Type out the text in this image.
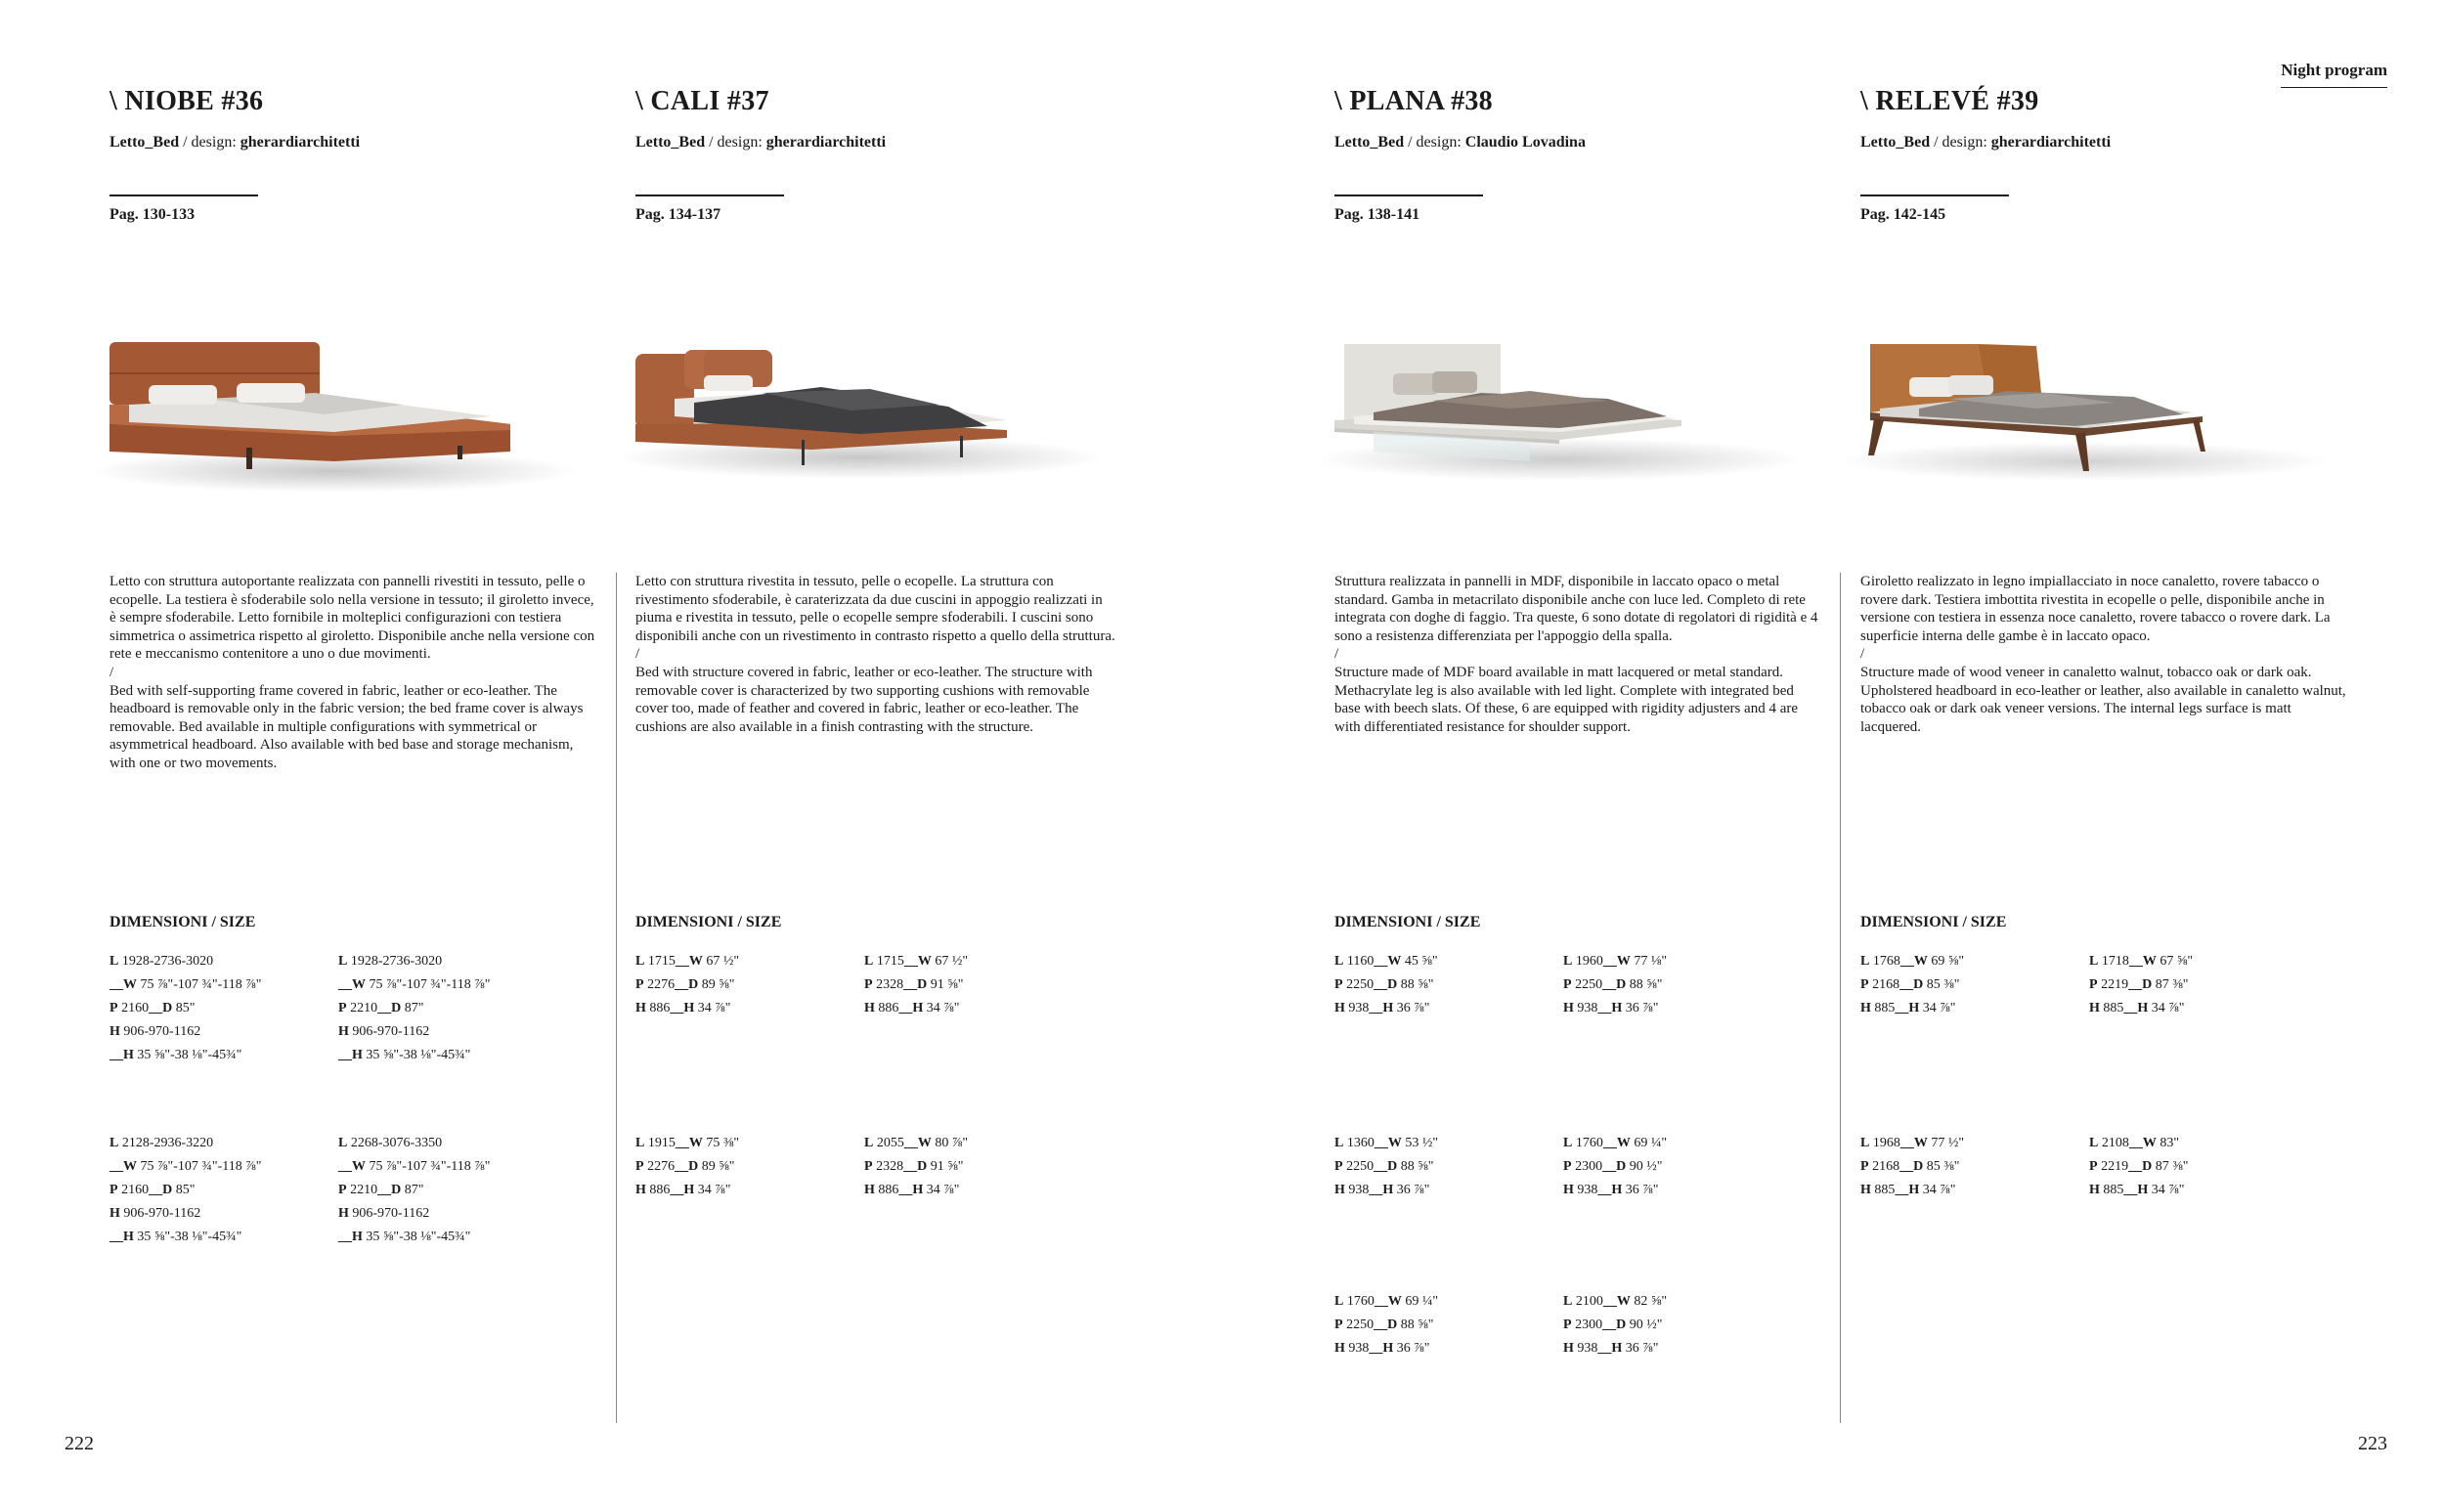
Night program
\ NIOBE #36
Letto_Bed / design: gherardiarchitetti
Pag. 130-133

Letto con struttura autoportante realizzata con pannelli rivestiti in tessuto, pelle o ecopelle. La testiera è sfoderabile solo nella versione in tessuto; il giroletto invece, è sempre sfoderabile. Letto fornibile in molteplici configurazioni con testiera simmetrica o assimetrica rispetto al giroletto. Disponibile anche nella versione con rete e meccanismo contenitore a uno o due movimenti.

/

Bed with self-supporting frame covered in fabric, leather or eco-leather. The headboard is removable only in the fabric version; the bed frame cover is always removable. Bed available in multiple configurations with symmetrical or asymmetrical headboard. Also available with bed base and storage mechanism, with one or two movements.

DIMENSIONI / SIZE
L 1928-2736-3020
__W 75 ⅞"-107 ¾"-118 ⅞"
P 2160__D 85"
H 906-970-1162
__H 35 ⅝"-38 ⅛"-45¾"
L 1928-2736-3020
__W 75 ⅞"-107 ¾"-118 ⅞"
P 2210__D 87"
H 906-970-1162
__H 35 ⅝"-38 ⅛"-45¾"
L 2128-2936-3220
__W 75 ⅞"-107 ¾"-118 ⅞"
P 2160__D 85"
H 906-970-1162
__H 35 ⅝"-38 ⅛"-45¾"
L 2268-3076-3350
__W 75 ⅞"-107 ¾"-118 ⅞"
P 2210__D 87"
H 906-970-1162
__H 35 ⅝"-38 ⅛"-45¾"
\ CALI #37
Letto_Bed / design: gherardiarchitetti
Pag. 134-137

Letto con struttura rivestita in tessuto, pelle o ecopelle. La struttura con rivestimento sfoderabile, è caraterizzata da due cuscini in appoggio realizzati in piuma e rivestita in tessuto, pelle o ecopelle sempre sfoderabili. I cuscini sono disponibili anche con un rivestimento in contrasto rispetto a quello della struttura.

/

Bed with structure covered in fabric, leather or eco-leather. The structure with removable cover is characterized by two supporting cushions with removable cover too, made of feather and covered in fabric, leather or eco-leather. The cushions are also available in a finish contrasting with the structure.

DIMENSIONI / SIZE
L 1715__W 67 ½"
P 2276__D 89 ⅝"
H 886__H 34 ⅞"
L 1715__W 67 ½"
P 2328__D 91 ⅝"
H 886__H 34 ⅞"
L 1915__W 75 ⅜"
P 2276__D 89 ⅝"
H 886__H 34 ⅞"
L 2055__W 80 ⅞"
P 2328__D 91 ⅝"
H 886__H 34 ⅞"
\ PLANA #38
Letto_Bed / design: Claudio Lovadina
Pag. 138-141

Struttura realizzata in pannelli in MDF, disponibile in laccato opaco o metal standard. Gamba in metacrilato disponibile anche con luce led. Completo di rete integrata con doghe di faggio. Tra queste, 6 sono dotate di regolatori di rigidità e 4 sono a resistenza differenziata per l'appoggio della spalla.

/

Structure made of MDF board available in matt lacquered or metal standard. Methacrylate leg is also available with led light. Complete with integrated bed base with beech slats. Of these, 6 are equipped with rigidity adjusters and 4 are with differentiated resistance for shoulder support.

DIMENSIONI / SIZE
L 1160__W 45 ⅝"
P 2250__D 88 ⅝"
H 938__H 36 ⅞"
L 1960__W 77 ⅛"
P 2250__D 88 ⅝"
H 938__H 36 ⅞"
L 1360__W 53 ½"
P 2250__D 88 ⅝"
H 938__H 36 ⅞"
L 1760__W 69 ¼"
P 2300__D 90 ½"
H 938__H 36 ⅞"
L 1760__W 69 ¼"
P 2250__D 88 ⅝"
H 938__H 36 ⅞"
L 2100__W 82 ⅝"
P 2300__D 90 ½"
H 938__H 36 ⅞"
\ RELEVÉ #39
Letto_Bed / design: gherardiarchitetti
Pag. 142-145

Giroletto realizzato in legno impiallacciato in noce canaletto, rovere tabacco o rovere dark. Testiera imbottita rivestita in ecopelle o pelle, disponibile anche in versione con testiera in essenza noce canaletto, rovere tabacco o rovere dark. La superficie interna delle gambe è in laccato opaco.

/

Structure made of wood veneer in canaletto walnut, tobacco oak or dark oak. Upholstered headboard in eco-leather or leather, also available in canaletto walnut, tobacco oak or dark oak veneer versions. The internal legs surface is matt lacquered.

DIMENSIONI / SIZE
L 1768__W 69 ⅝"
P 2168__D 85 ⅜"
H 885__H 34 ⅞"
L 1718__W 67 ⅝"
P 2219__D 87 ⅜"
H 885__H 34 ⅞"
L 1968__W 77 ½"
P 2168__D 85 ⅜"
H 885__H 34 ⅞"
L 2108__W 83"
P 2219__D 87 ⅜"
H 885__H 34 ⅞"
222	223
